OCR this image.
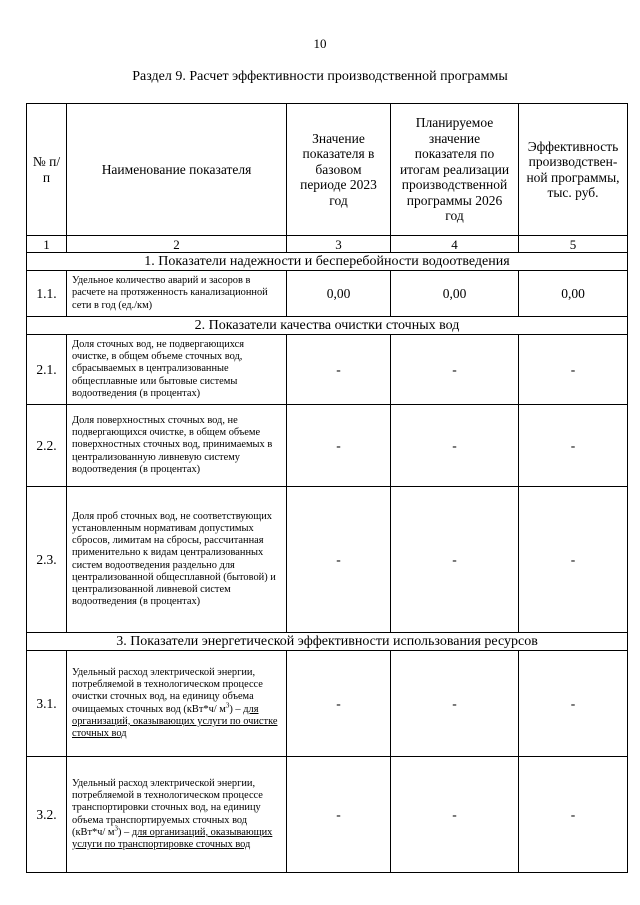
10
Раздел 9. Расчет эффективности производственной программы
№ п/п	Наименование показателя	Значение показателя в базовом периоде 2023 год	Планируемое значение показателя по итогам реализации производственной программы 2026 год	Эффективность производствен-ной программы, тыс. руб.
1	2	3	4	5
1. Показатели надежности и бесперебойности водоотведения				
1.1.	Удельное количество аварий и засоров в расчете на протяженность канализационной сети в год (ед./км)	0,00	0,00	0,00
2. Показатели качества очистки сточных вод				
2.1.	Доля сточных вод, не подвергающихся очистке, в общем объеме сточных вод, сбрасываемых в централизованные общесплавные или бытовые системы водоотведения (в процентах)	-	-	-
2.2.	Доля поверхностных сточных вод, не подвергающихся очистке, в общем объеме поверхностных сточных вод, принимаемых в централизованную ливневую систему водоотведения (в процентах)	-	-	-
2.3.	Доля проб сточных вод, не соответствующих установленным нормативам допустимых сбросов, лимитам на сбросы, рассчитанная применительно к видам централизованных систем водоотведения раздельно для централизованной общесплавной (бытовой) и централизованной ливневой систем водоотведения (в процентах)	-	-	-
3. Показатели энергетической эффективности использования ресурсов				
3.1.	Удельный расход электрической энергии, потребляемой в технологическом процессе очистки сточных вод, на единицу объема очищаемых сточных вод (кВт*ч/ $м^3$) – для организаций, оказывающих услуги по очистке сточных вод	-	-	-
3.2.	Удельный расход электрической энергии, потребляемой в технологическом процессе транспортировки сточных вод, на единицу объема транспортируемых сточных вод (кВт*ч/ $м^3$) – для организаций, оказывающих услуги по транспортировке сточных вод	-	-	-
